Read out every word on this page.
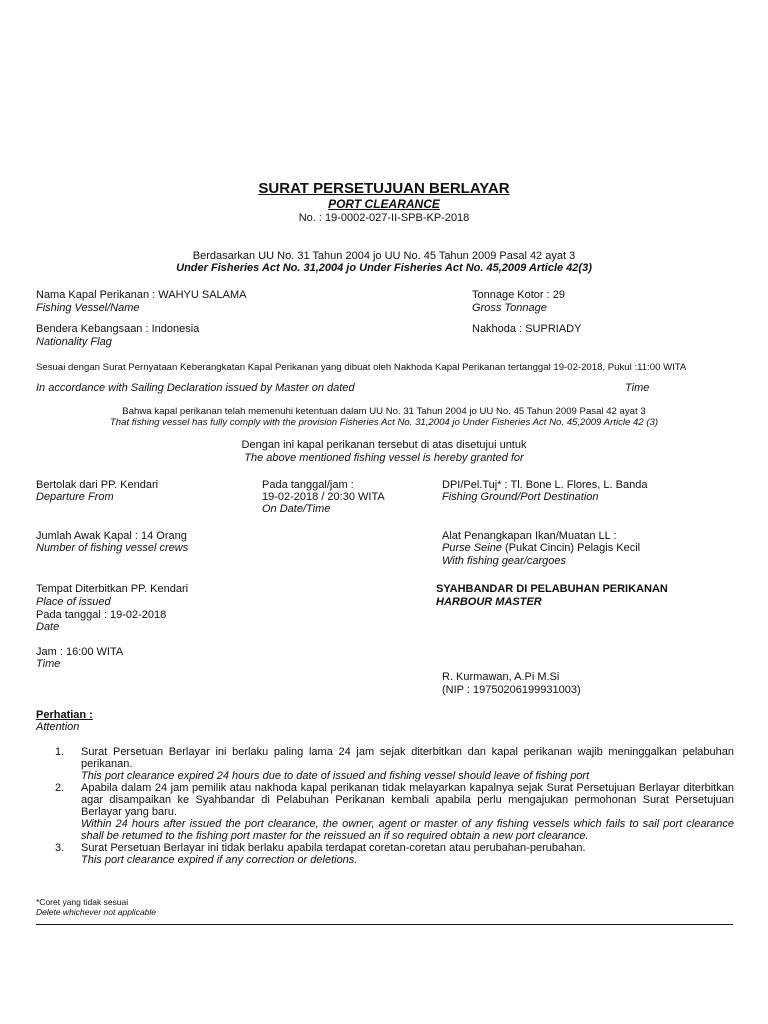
SURAT PERSETUJUAN BERLAYAR
PORT CLEARANCE
No. : 19-0002-027-II-SPB-KP-2018
Berdasarkan UU No. 31 Tahun 2004 jo UU No. 45 Tahun 2009 Pasal 42 ayat 3
Under Fisheries Act No. 31,2004 jo Under Fisheries Act No. 45,2009 Article 42(3)
Nama Kapal Perikanan : WAHYU SALAMA
Fishing Vessel/Name
Tonnage Kotor : 29
Gross Tonnage
Bendera Kebangsaan : Indonesia
Nationality Flag
Nakhoda : SUPRIADY
Sesuai dengan Surat Pernyataan Keberangkatan Kapal Perikanan yang dibuat oleh Nakhoda Kapal Perikanan tertanggal 19-02-2018, Pukul :11:00 WITA
In accordance with Sailing Declaration issued by Master on dated	Time
Bahwa kapal perikanan telah memenuhi ketentuan dalam UU No. 31 Tahun 2004 jo UU No. 45 Tahun 2009 Pasal 42 ayat 3
That fishing vessel has fully comply with the provision Fisheries Act No. 31,2004 jo Under Fisheries Act No. 45,2009 Article 42 (3)
Dengan ini kapal perikanan tersebut di atas disetujui untuk
The above mentioned fishing vessel is hereby granted for
Bertolak dari PP. Kendari
Departure From
Pada tanggal/jam :
19-02-2018 / 20:30 WITA
On Date/Time
DPI/Pel.Tuj* : Tl. Bone L. Flores, L. Banda
Fishing Ground/Port Destination
Jumlah Awak Kapal : 14 Orang
Number of fishing vessel crews
Alat Penangkapan Ikan/Muatan LL :
Purse Seine (Pukat Cincin) Pelagis Kecil
With fishing gear/cargoes
Tempat Diterbitkan PP. Kendari
Place of issued
Pada tanggal : 19-02-2018
Date
Jam : 16:00 WITA
Time
SYAHBANDAR DI PELABUHAN PERIKANAN
HARBOUR MASTER
R. Kurmawan, A.Pi M.Si
(NIP : 19750206199931003)
Perhatian :
Attention
1. Surat Persetuan Berlayar ini berlaku paling lama 24 jam sejak diterbitkan dan kapal perikanan wajib meninggalkan pelabuhan perikanan.
This port clearance expired 24 hours due to date of issued and fishing vessel should leave of fishing port
2. Apabila dalam 24 jam pemilik atau nakhoda kapal perikanan tidak melayarkan kapalnya sejak Surat Persetujuan Berlayar diterbitkan agar disampaikan ke Syahbandar di Pelabuhan Perikanan kembali apabila perlu mengajukan permohonan Surat Persetujuan Berlayar yang baru.
Within 24 hours after issued the port clearance, the owner, agent or master of any fishing vessels which fails to sail port clearance shall be retumed to the fishing port master for the reissued an if so required obtain a new port clearance.
3. Surat Persetuan Berlayar ini tidak berlaku apabila terdapat coretan-coretan atau perubahan-perubahan.
This port clearance expired if any correction or deletions.
*Coret yang tidak sesuai
Delete whichever not applicable
